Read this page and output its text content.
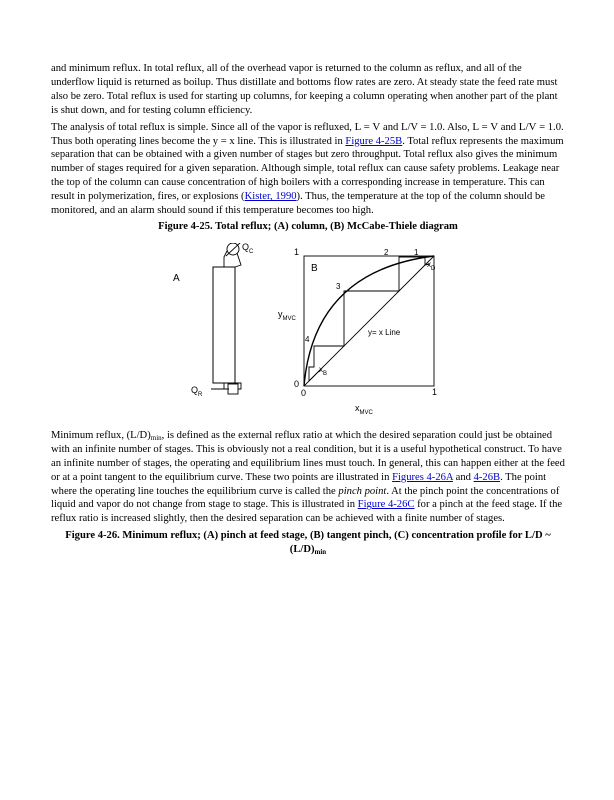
and minimum reflux. In total reflux, all of the overhead vapor is returned to the column as reflux, and all of the underflow liquid is returned as boilup. Thus distillate and bottoms flow rates are zero. At steady state the feed rate must also be zero. Total reflux is used for starting up columns, for keeping a column operating when another part of the plant is shut down, and for testing column efficiency.

The analysis of total reflux is simple. Since all of the vapor is refluxed, L = V and L/V = 1.0. Also, L = V and L/V = 1.0. Thus both operating lines become the y = x line. This is illustrated in Figure 4-25B. Total reflux represents the maximum separation that can be obtained with a given number of stages but zero throughput. Total reflux also gives the minimum number of stages required for a given separation. Although simple, total reflux can cause safety problems. Leakage near the top of the column can cause concentration of high boilers with a corresponding increase in temperature. This can result in polymerization, fires, or explosions (Kister, 1990). Thus, the temperature at the top of the column should be monitored, and an alarm should sound if this temperature becomes too high.

Figure 4-25. Total reflux; (A) column, (B) McCabe-Thiele diagram

A
$Q_C$
$Q_R$
1
1
0
0
B
$y_{MVC}$
$x_{MVC}$
1
2
3
4
$x_D$
$x_B$
y= x Line

Minimum reflux, $(L/D)_{min}$, is defined as the external reflux ratio at which the desired separation could just be obtained with an infinite number of stages. This is obviously not a real condition, but it is a useful hypothetical construct. To have an infinite number of stages, the operating and equilibrium lines must touch. In general, this can happen either at the feed or at a point tangent to the equilibrium curve. These two points are illustrated in Figures 4-26A and 4-26B. The point where the operating line touches the equilibrium curve is called the pinch point. At the pinch point the concentrations of liquid and vapor do not change from stage to stage. This is illustrated in Figure 4-26C for a pinch at the feed stage. If the reflux ratio is increased slightly, then the desired separation can be achieved with a finite number of stages.

Figure 4-26. Minimum reflux; (A) pinch at feed stage, (B) tangent pinch, (C) concentration profile for L/D ~ $(L/D)_{min}$
